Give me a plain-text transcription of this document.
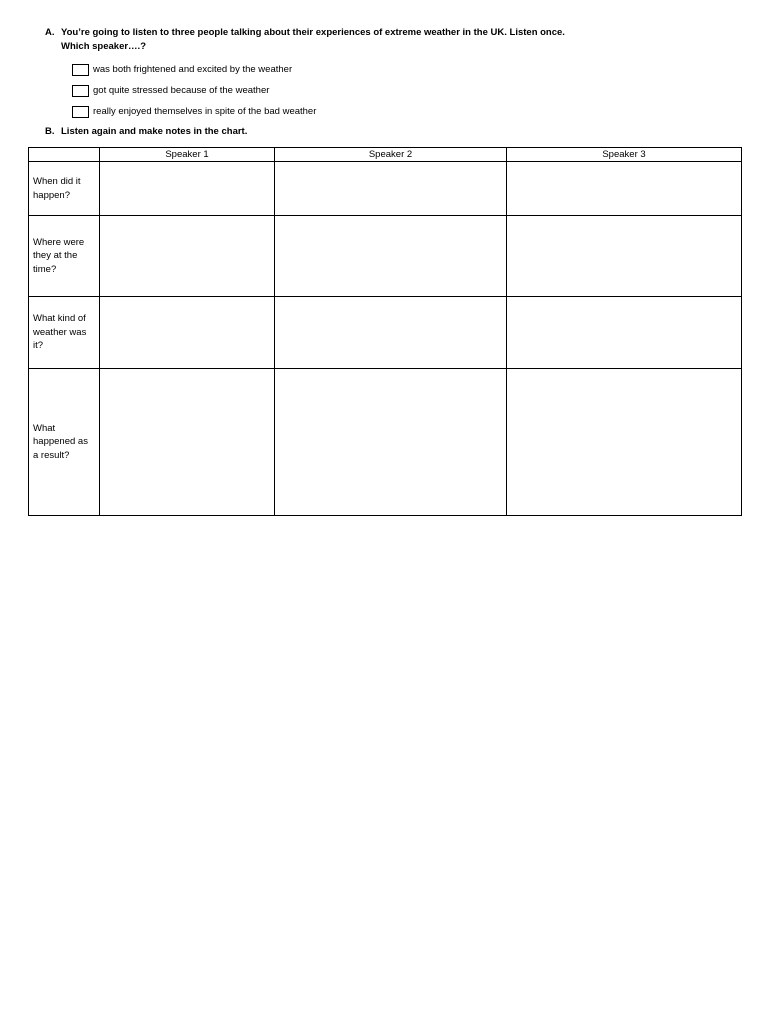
A. You’re going to listen to three people talking about their experiences of extreme weather in the UK. Listen once.
Which speaker….?
was both frightened and excited by the weather
got quite stressed because of the weather
really enjoyed themselves in spite of the bad weather
B. Listen again and make notes in the chart.
	Speaker 1	Speaker 2	Speaker 3
When did it happen?			
Where were they at the time?			
What kind of weather was it?			
What happened as a result?			
